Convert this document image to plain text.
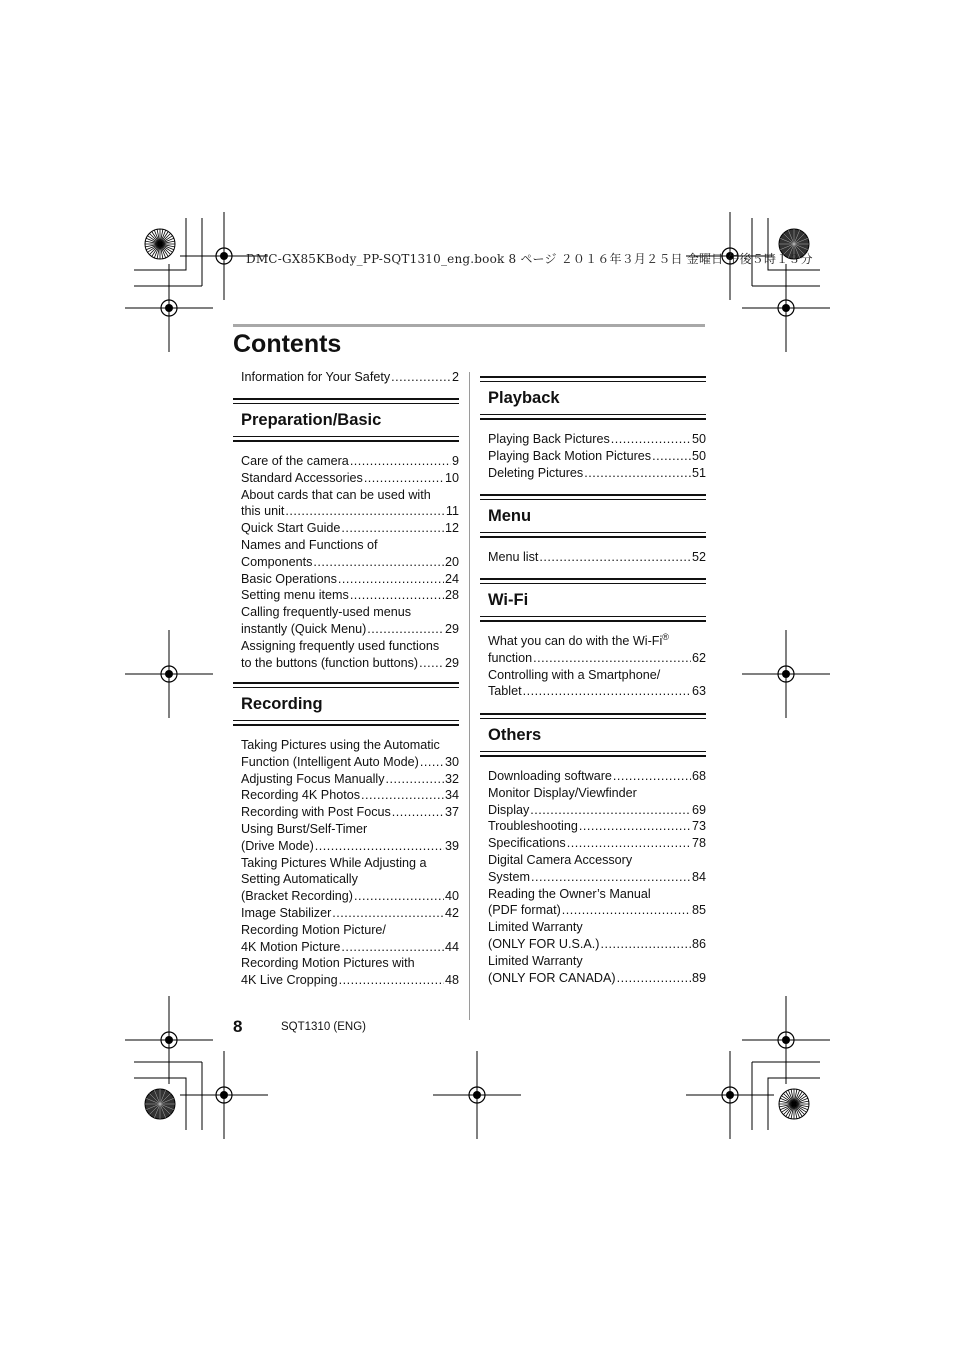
DMC-GX85KBody_PP-SQT1310_eng.book 8 ページ ２０１６年３月２５日 金曜日 午後５時１３分
Contents
Information for Your Safety .....	2
Preparation/Basic
Recording
Care of the camera .....	9
Standard Accessories .....	10
About cards that can be used with
this unit .....	11
Quick Start Guide .....	12
Names and Functions of
Components .....	20
Basic Operations .....	24
Setting menu items .....	28
Calling frequently-used menus
instantly (Quick Menu) .....	29
Assigning frequently used functions
to the buttons (function buttons) ..... 29
Taking Pictures using the Automatic
Function (Intelligent Auto Mode) ..... 30
Adjusting Focus Manually .....	32
Recording 4K Photos .....	34
Recording with Post Focus .....	37
Using Burst/Self-Timer
(Drive Mode) .....	39
Taking Pictures While Adjusting a
Setting Automatically
(Bracket Recording) .....	40
Image Stabilizer .....	42
Recording Motion Picture/
4K Motion Picture .....	44
Recording Motion Pictures with
4K Live Cropping .....	48
Playback
Menu
Wi-Fi
Others
Playing Back Pictures .....	50
Playing Back Motion Pictures .....	50
Deleting Pictures .....	51
Menu list .....	52
What you can do with the Wi-Fi®
function .....	62
Controlling with a Smartphone/
Tablet .....	63
Downloading software .....	68
Monitor Display/Viewfinder
Display .....	69
Troubleshooting .....	73
Specifications .....	78
Digital Camera Accessory
System .....	84
Reading the Owner’s Manual
(PDF format) .....	85
Limited Warranty
(ONLY FOR U.S.A.) .....	86
Limited Warranty
(ONLY FOR CANADA) .....	89
8	SQT1310 (ENG)
